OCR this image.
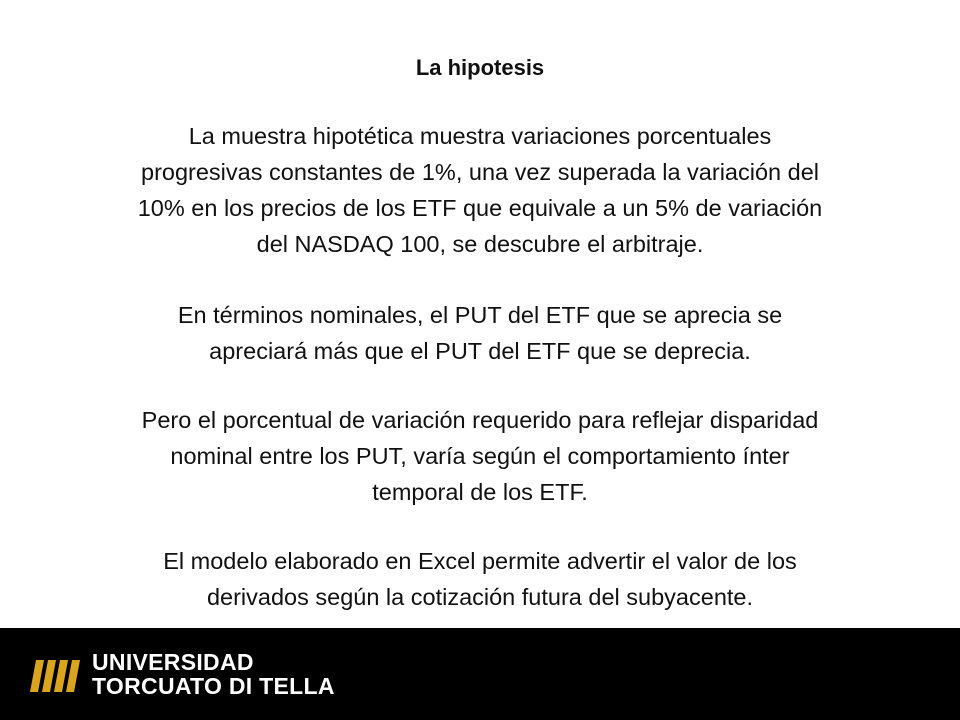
La hipotesis
La muestra hipotética muestra variaciones porcentuales
progresivas constantes de 1%, una vez superada la variación del
10% en los precios de los ETF que equivale a un 5% de variación
del NASDAQ 100, se descubre el arbitraje.
En términos nominales, el PUT del ETF que se aprecia se
apreciará más que el PUT del ETF que se deprecia.
Pero el porcentual de variación requerido para reflejar disparidad
nominal entre los PUT, varía según el comportamiento ínter
temporal de los ETF.
El modelo elaborado en Excel permite advertir el valor de los
derivados según la cotización futura del subyacente.
UNIVERSIDAD
TORCUATO DI TELLA
